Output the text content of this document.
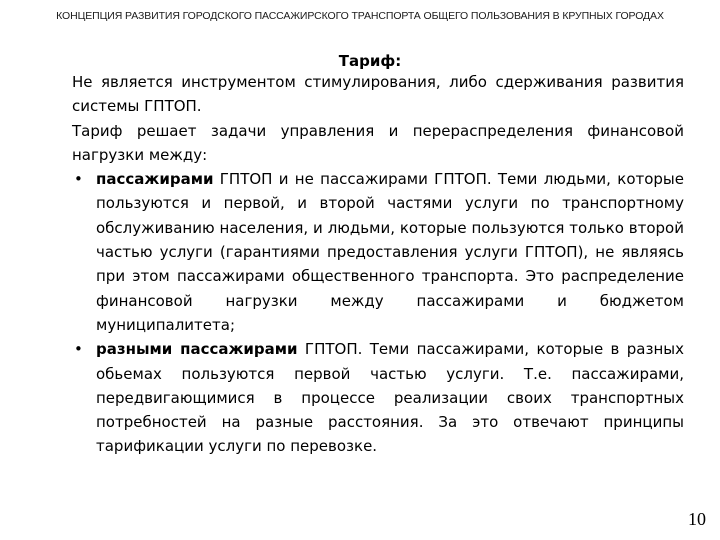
КОНЦЕПЦИЯ РАЗВИТИЯ ГОРОДСКОГО ПАССАЖИРСКОГО ТРАНСПОРТА ОБЩЕГО ПОЛЬЗОВАНИЯ В КРУПНЫХ ГОРОДАХ
Тариф:

Не является инструментом стимулирования, либо сдерживания развития системы ГПТОП.

Тариф решает задачи управления и перераспределения финансовой нагрузки между:

• пассажирами ГПТОП и не пассажирами ГПТОП. Теми людьми, которые пользуются и первой, и второй частями услуги по транспортному обслуживанию населения, и людьми, которые пользуются только второй частью услуги (гарантиями предоставления услуги ГПТОП), не являясь при этом пассажирами общественного транспорта. Это распределение финансовой нагрузки между пассажирами и бюджетом муниципалитета;
• разными пассажирами ГПТОП. Теми пассажирами, которые в разных обьемах пользуются первой частью услуги. Т.е. пассажирами, передвигающимися в процессе реализации своих транспортных потребностей на разные расстояния. За это отвечают принципы тарификации услуги по перевозке.
10
